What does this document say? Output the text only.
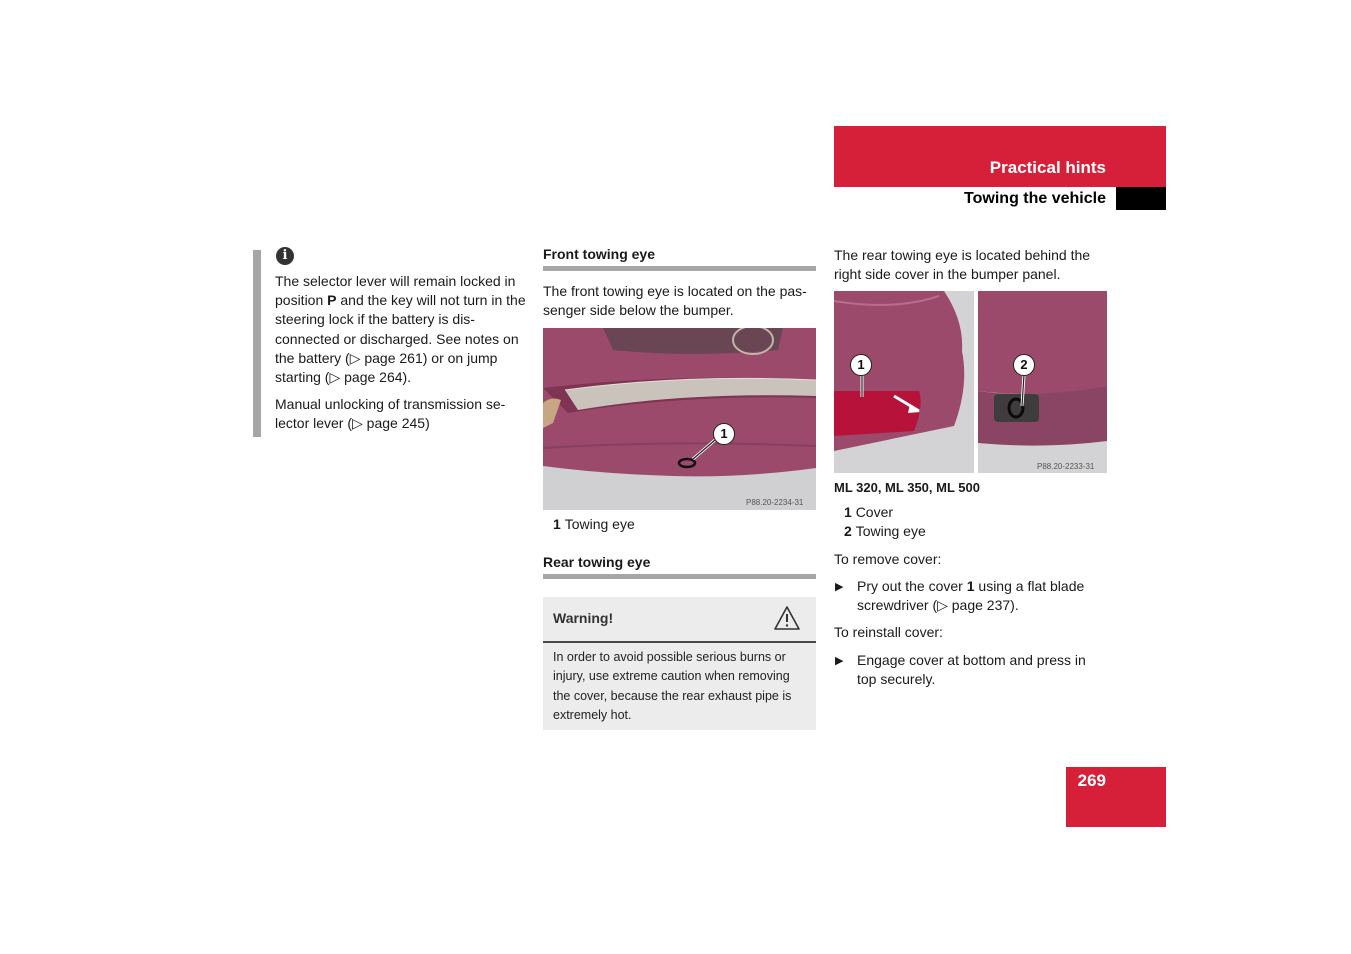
Practical hints
Towing the vehicle
i
The selector lever will remain locked in position P and the key will not turn in the steering lock if the battery is dis-connected or discharged. See notes on the battery (▷ page 261) or on jump starting (▷ page 264).
Manual unlocking of transmission se-lector lever (▷ page 245)
Front towing eye
The front towing eye is located on the pas-senger side below the bumper.
1
P88.20-2234-31
1 Towing eye
Rear towing eye
Warning!
In order to avoid possible serious burns or injury, use extreme caution when removing the cover, because the rear exhaust pipe is extremely hot.
The rear towing eye is located behind the right side cover in the bumper panel.
1	2
P88.20-2233-31
ML 320, ML 350, ML 500
1 Cover
2 Towing eye
To remove cover:
▶ Pry out the cover 1 using a flat blade screwdriver (▷ page 237).
To reinstall cover:
▶ Engage cover at bottom and press in top securely.
269
